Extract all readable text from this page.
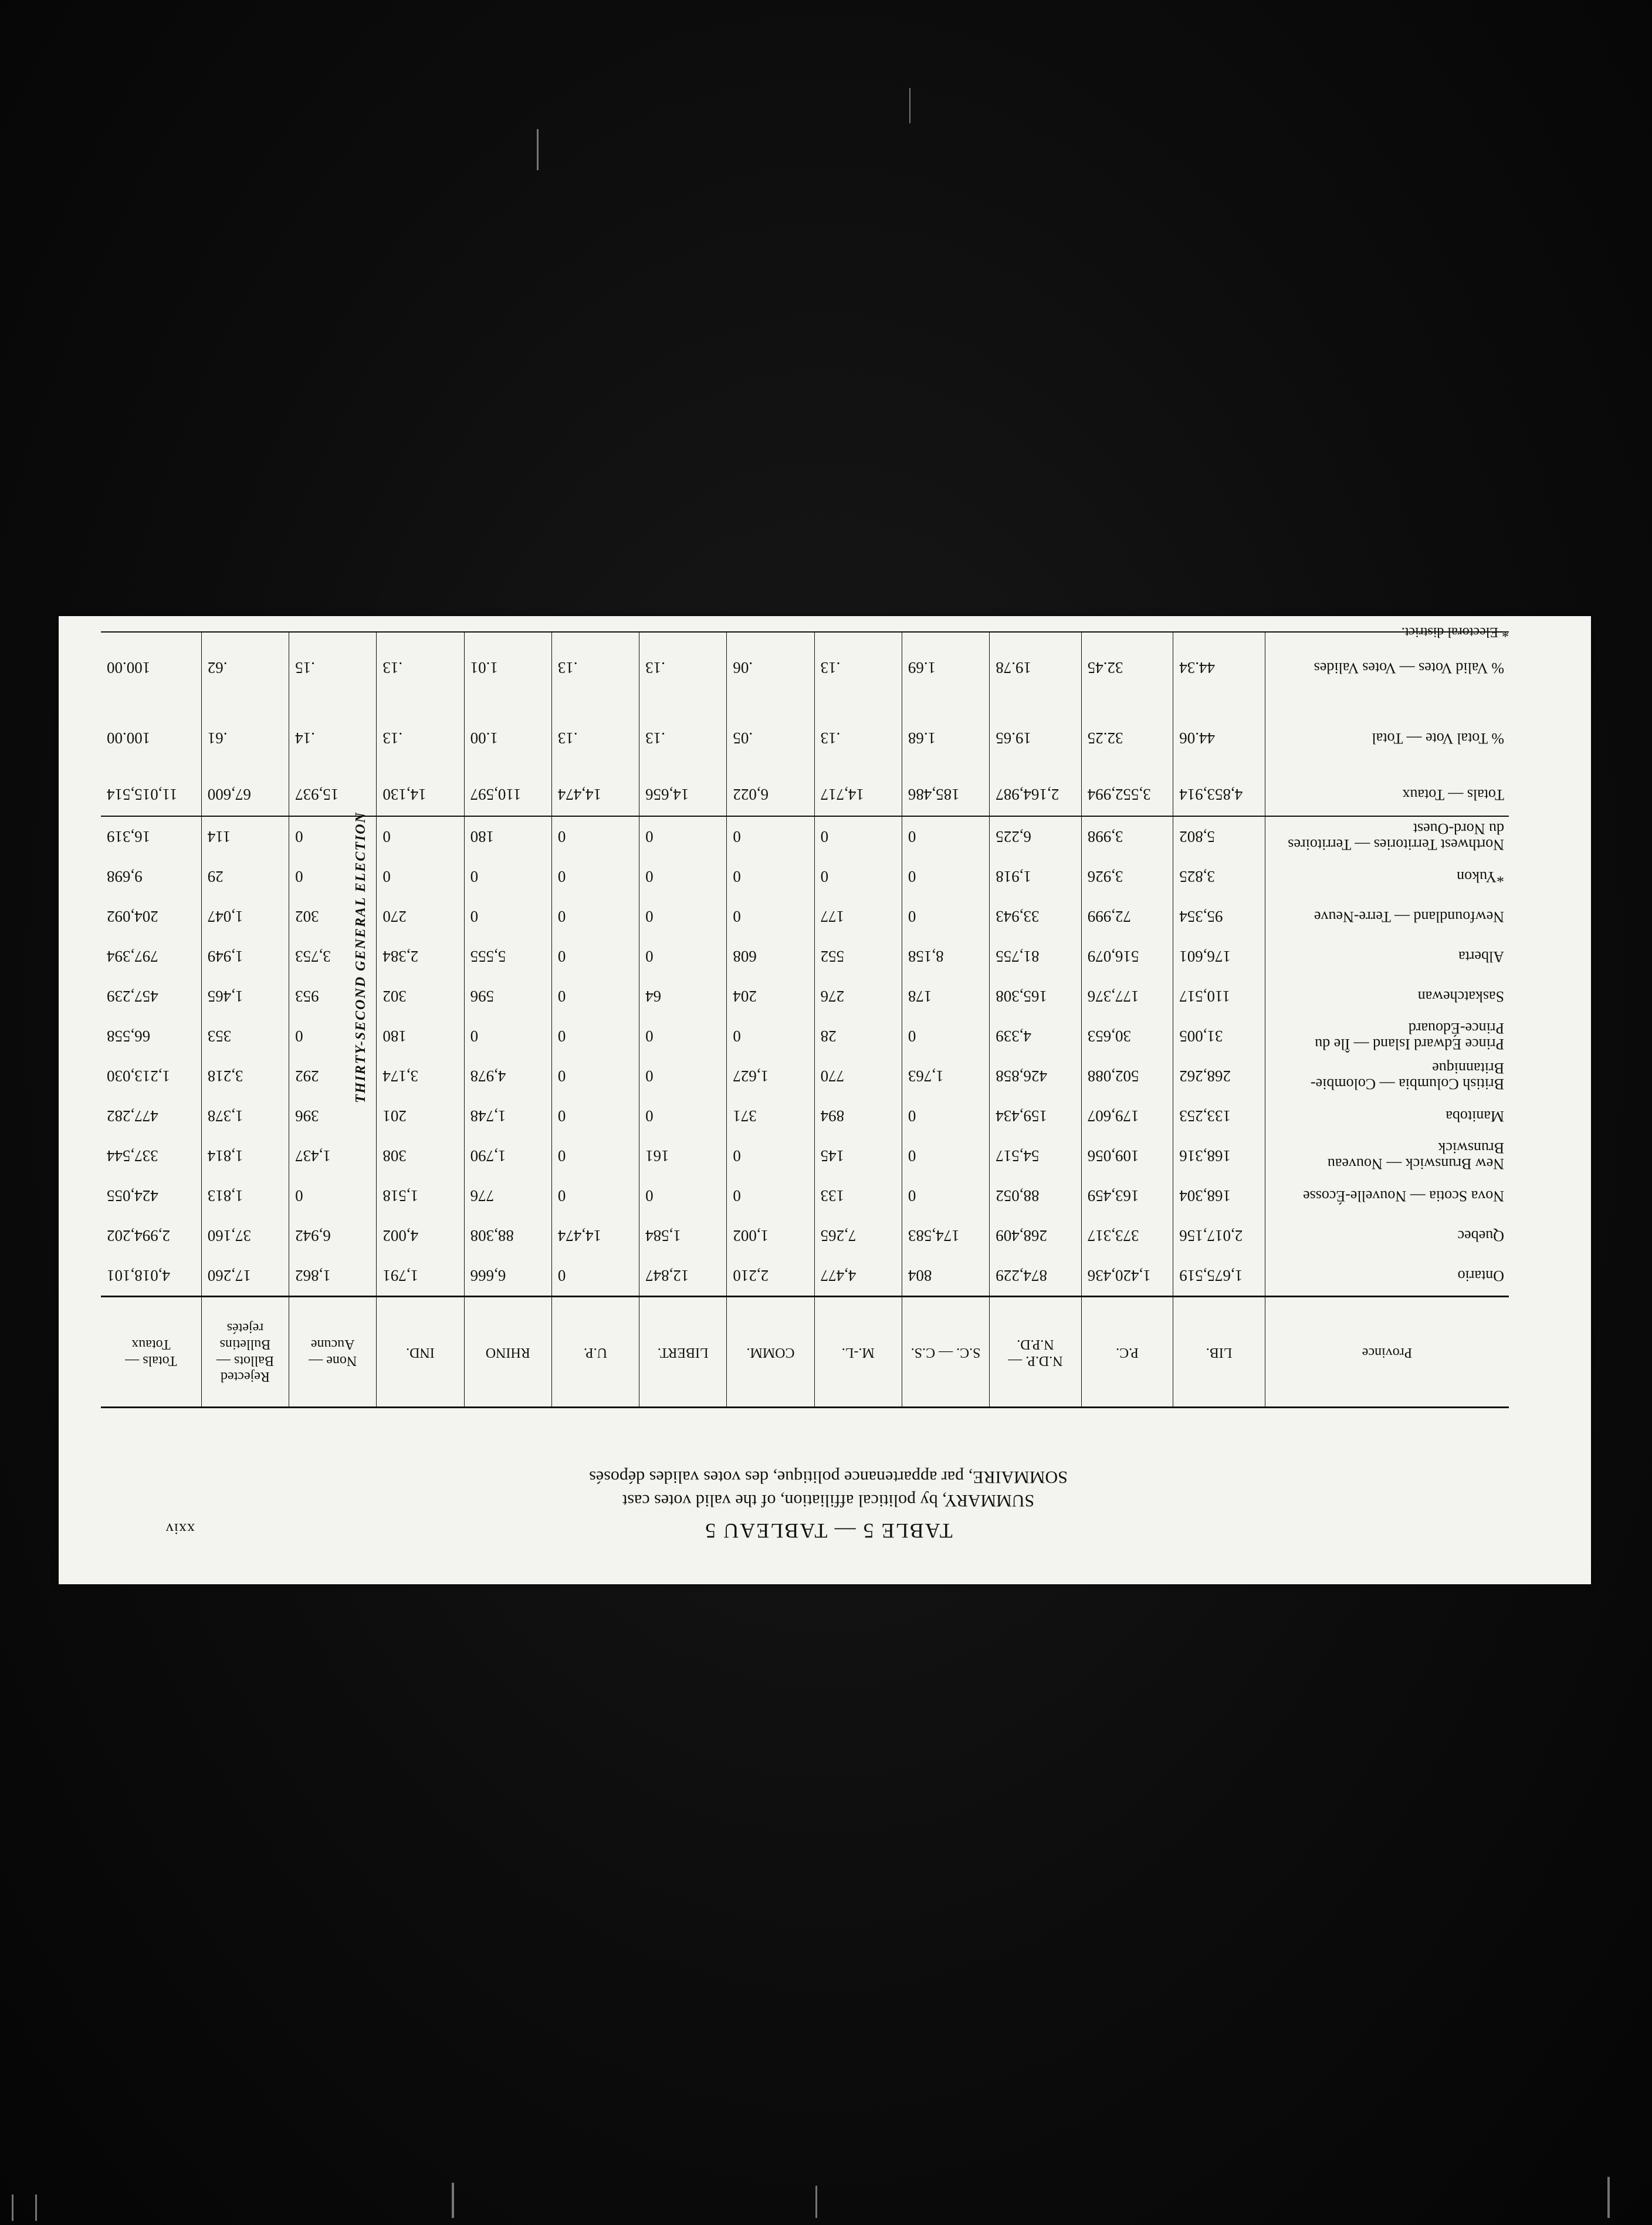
xxiv
THIRTY-SECOND GENERAL ELECTION
TABLE 5 — TABLEAU 5
SUMMARY, by political affiliation, of the valid votes cast
SOMMAIRE, par appartenance politique, des votes valides déposés
Province	LIB.	P.C.	N.D.P. — N.P.D.	S.C. — C.S.	M.-L.	COMM.	LIBERT.	U.P.	RHINO	IND.	None — Aucune	Rejected Ballots — Bulletins rejetés	Totals — Totaux
Ontario	1,675,519	1,420,436	874,229	804	4,477	2,210	12,847	0	6,666	1,791	1,862	17,260	4,018,101
Quebec	2,017,156	373,317	268,409	174,583	7,265	1,002	1,584	14,474	88,308	4,002	6,942	37,160	2,994,202
Nova Scotia — Nouvelle-Écosse	168,304	163,459	88,052	0	133	0	0	0	776	1,518	0	1,813	424,055
New Brunswick — Nouveau Brunswick	168,316	109,056	54,517	0	145	0	161	0	1,790	308	1,437	1,814	337,544
Manitoba	133,253	179,607	159,434	0	894	371	0	0	1,748	201	396	1,378	477,282
British Columbia — Colombie-Britannique	268,262	502,088	426,858	1,763	770	1,627	0	0	4,978	3,174	292	3,218	1,213,030
Prince Edward Island — Île du Prince-Édouard	31,005	30,653	4,339	0	28	0	0	0	0	180	0	353	66,558
Saskatchewan	110,517	177,376	165,308	178	276	204	64	0	596	302	953	1,465	457,239
Alberta	176,601	516,079	81,755	8,158	552	608	0	0	5,555	2,384	3,753	1,949	797,394
Newfoundland — Terre-Neuve	95,354	72,999	33,943	0	177	0	0	0	0	270	302	1,047	204,092
*Yukon	3,825	3,926	1,918	0	0	0	0	0	0	0	0	29	9,698
Northwest Territories — Territoires du Nord-Ouest	5,802	3,998	6,225	0	0	0	0	0	180	0	0	114	16,319
Totals — Totaux	4,853,914	3,552,994	2,164,987	185,486	14,717	6,022	14,656	14,474	110,597	14,130	15,937	67,600	11,015,514
% Total Vote — Total	44.06	32.25	19.65	1.68	.13	.05	.13	.13	1.00	.13	.14	.61	100.00
% Valid Votes — Votes Valides	44.34	32.45	19.78	1.69	.13	.06	.13	.13	1.01	.13	.15	.62	100.00
* Electoral district.
